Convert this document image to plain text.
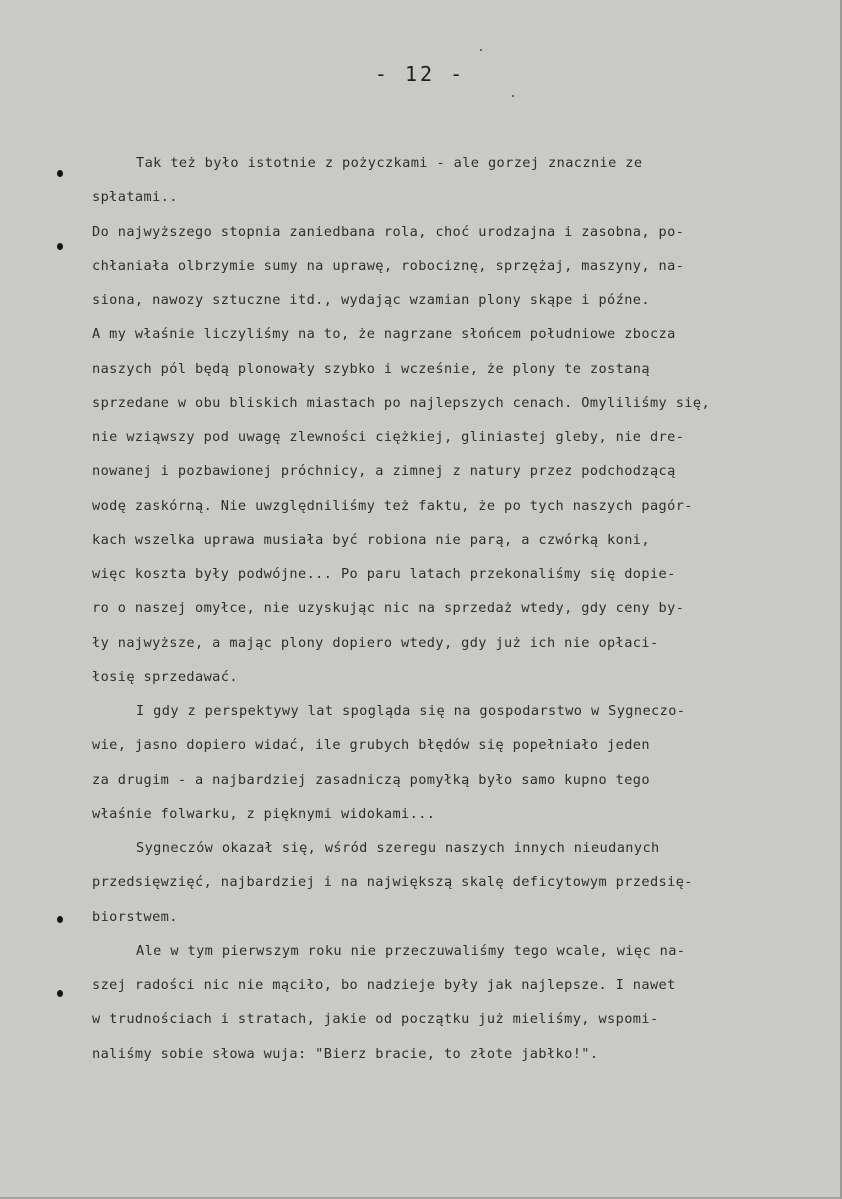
- 12 -
Tak też było istotnie z pożyczkami - ale gorzej znacznie ze
spłatami..
Do najwyższego stopnia zaniedbana rola, choć urodzajna i zasobna, po-
chłaniała olbrzymie sumy na uprawę, robociznę, sprzężaj, maszyny, na-
siona, nawozy sztuczne itd., wydając wzamian plony skąpe i późne.
A my właśnie liczyliśmy na to, że nagrzane słońcem południowe zbocza
naszych pól będą plonowały szybko i wcześnie, że plony te zostaną
sprzedane w obu bliskich miastach po najlepszych cenach. Omyliliśmy się,
nie wziąwszy pod uwagę zlewności ciężkiej, gliniastej gleby, nie dre-
nowanej i pozbawionej próchnicy, a zimnej z natury przez podchodzącą
wodę zaskórną. Nie uwzględniliśmy też faktu, że po tych naszych pagór-
kach wszelka uprawa musiała być robiona nie parą, a czwórką koni,
więc koszta były podwójne... Po paru latach przekonaliśmy się dopie-
ro o naszej omyłce, nie uzyskując nic na sprzedaż wtedy, gdy ceny by-
ły najwyższe, a mając plony dopiero wtedy, gdy już ich nie opłaci-
łosię sprzedawać.
I gdy z perspektywy lat spogląda się na gospodarstwo w Sygneczo-
wie, jasno dopiero widać, ile grubych błędów się popełniało jeden
za drugim - a najbardziej zasadniczą pomyłką było samo kupno tego
właśnie folwarku, z pięknymi widokami...
Sygneczów okazał się, wśród szeregu naszych innych nieudanych
przedsięwzięć, najbardziej i na największą skalę deficytowym przedsię-
biorstwem.
Ale w tym pierwszym roku nie przeczuwaliśmy tego wcale, więc na-
szej radości nic nie mąciło, bo nadzieje były jak najlepsze. I nawet
w trudnościach i stratach, jakie od początku już mieliśmy, wspomi-
naliśmy sobie słowa wuja: "Bierz bracie, to złote jabłko!".
